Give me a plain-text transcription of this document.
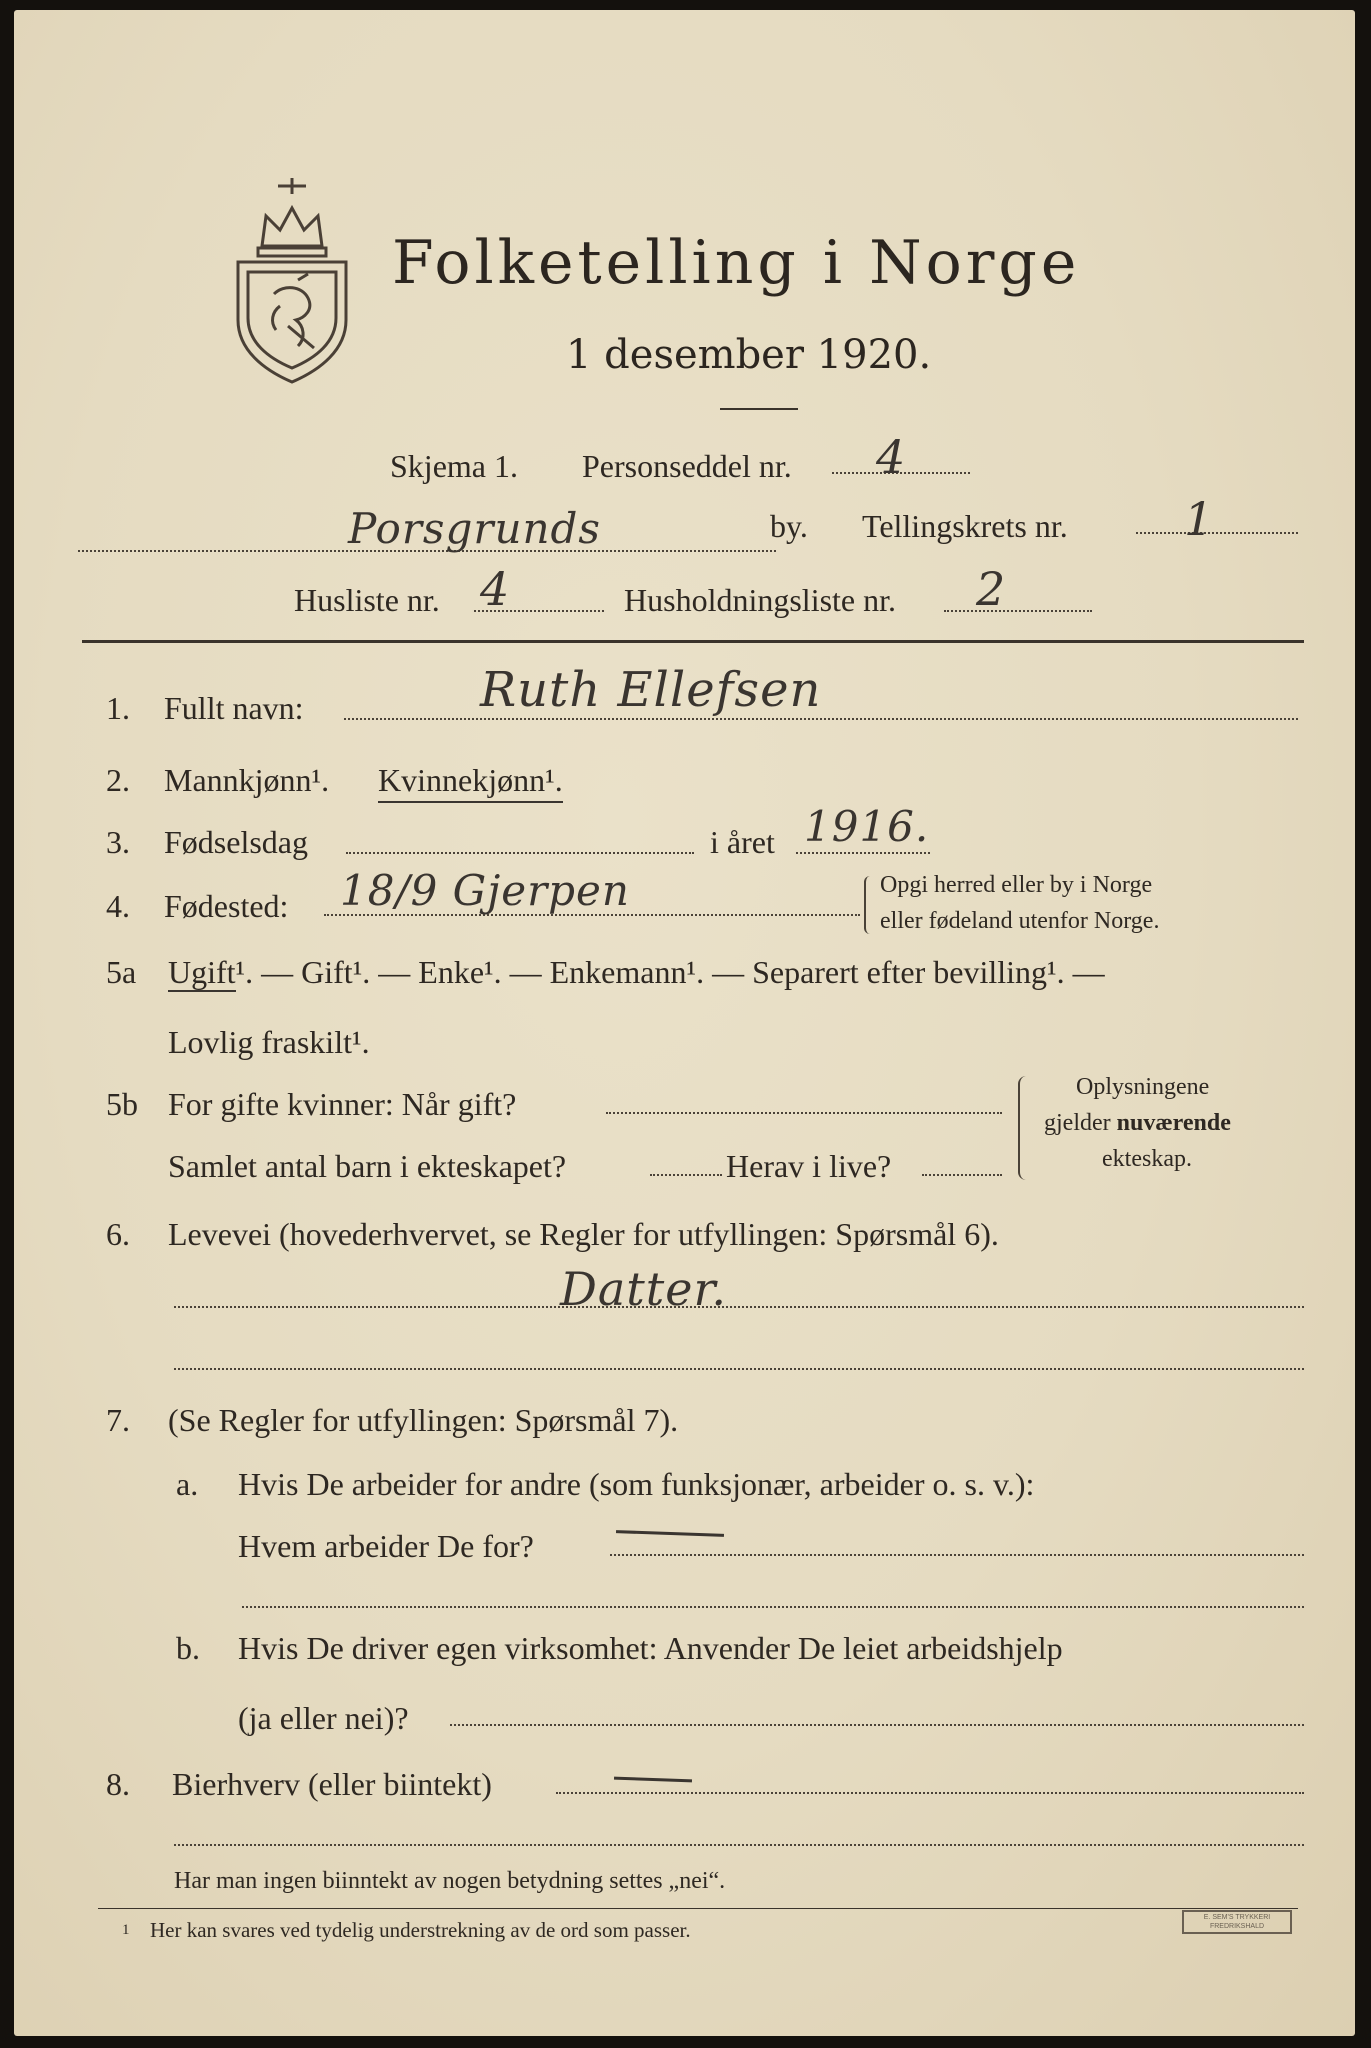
Folketelling i Norge
1 desember 1920.
Skjema 1. Personseddel nr. 4
Porsgrunds	by. Tellingskrets nr.	1
Husliste nr. 4	Husholdningsliste nr. 2
1. Fullt navn:	Ruth Ellefsen
2. Mannkjønn¹. Kvinnekjønn¹.
3. Fødselsdag	i året 1916.
4. Fødested: 18/9 Gjerpen	Opgi herred eller by i Norge
eller fødeland utenfor Norge.
5a Ugift¹. — Gift¹. — Enke¹. — Enkemann¹. — Separert efter bevilling¹. —
Lovlig fraskilt¹.
5b For gifte kvinner: Når gift?
Samlet antal barn i ekteskapet?	Herav i live?
Oplysningene
gjelder nuværende
ekteskap.
6. Levevei (hovederhvervet, se Regler for utfyllingen: Spørsmål 6).
Datter.
7. (Se Regler for utfyllingen: Spørsmål 7).
a. Hvis De arbeider for andre (som funksjonær, arbeider o. s. v.):
Hvem arbeider De for?
b. Hvis De driver egen virksomhet: Anvender De leiet arbeidshjelp
(ja eller nei)?
8. Bierhverv (eller biintekt)
Har man ingen biinntekt av nogen betydning settes „nei“.
1 Her kan svares ved tydelig understrekning av de ord som passer.
E. SEM'S TRYKKERI FREDRIKSHALD
